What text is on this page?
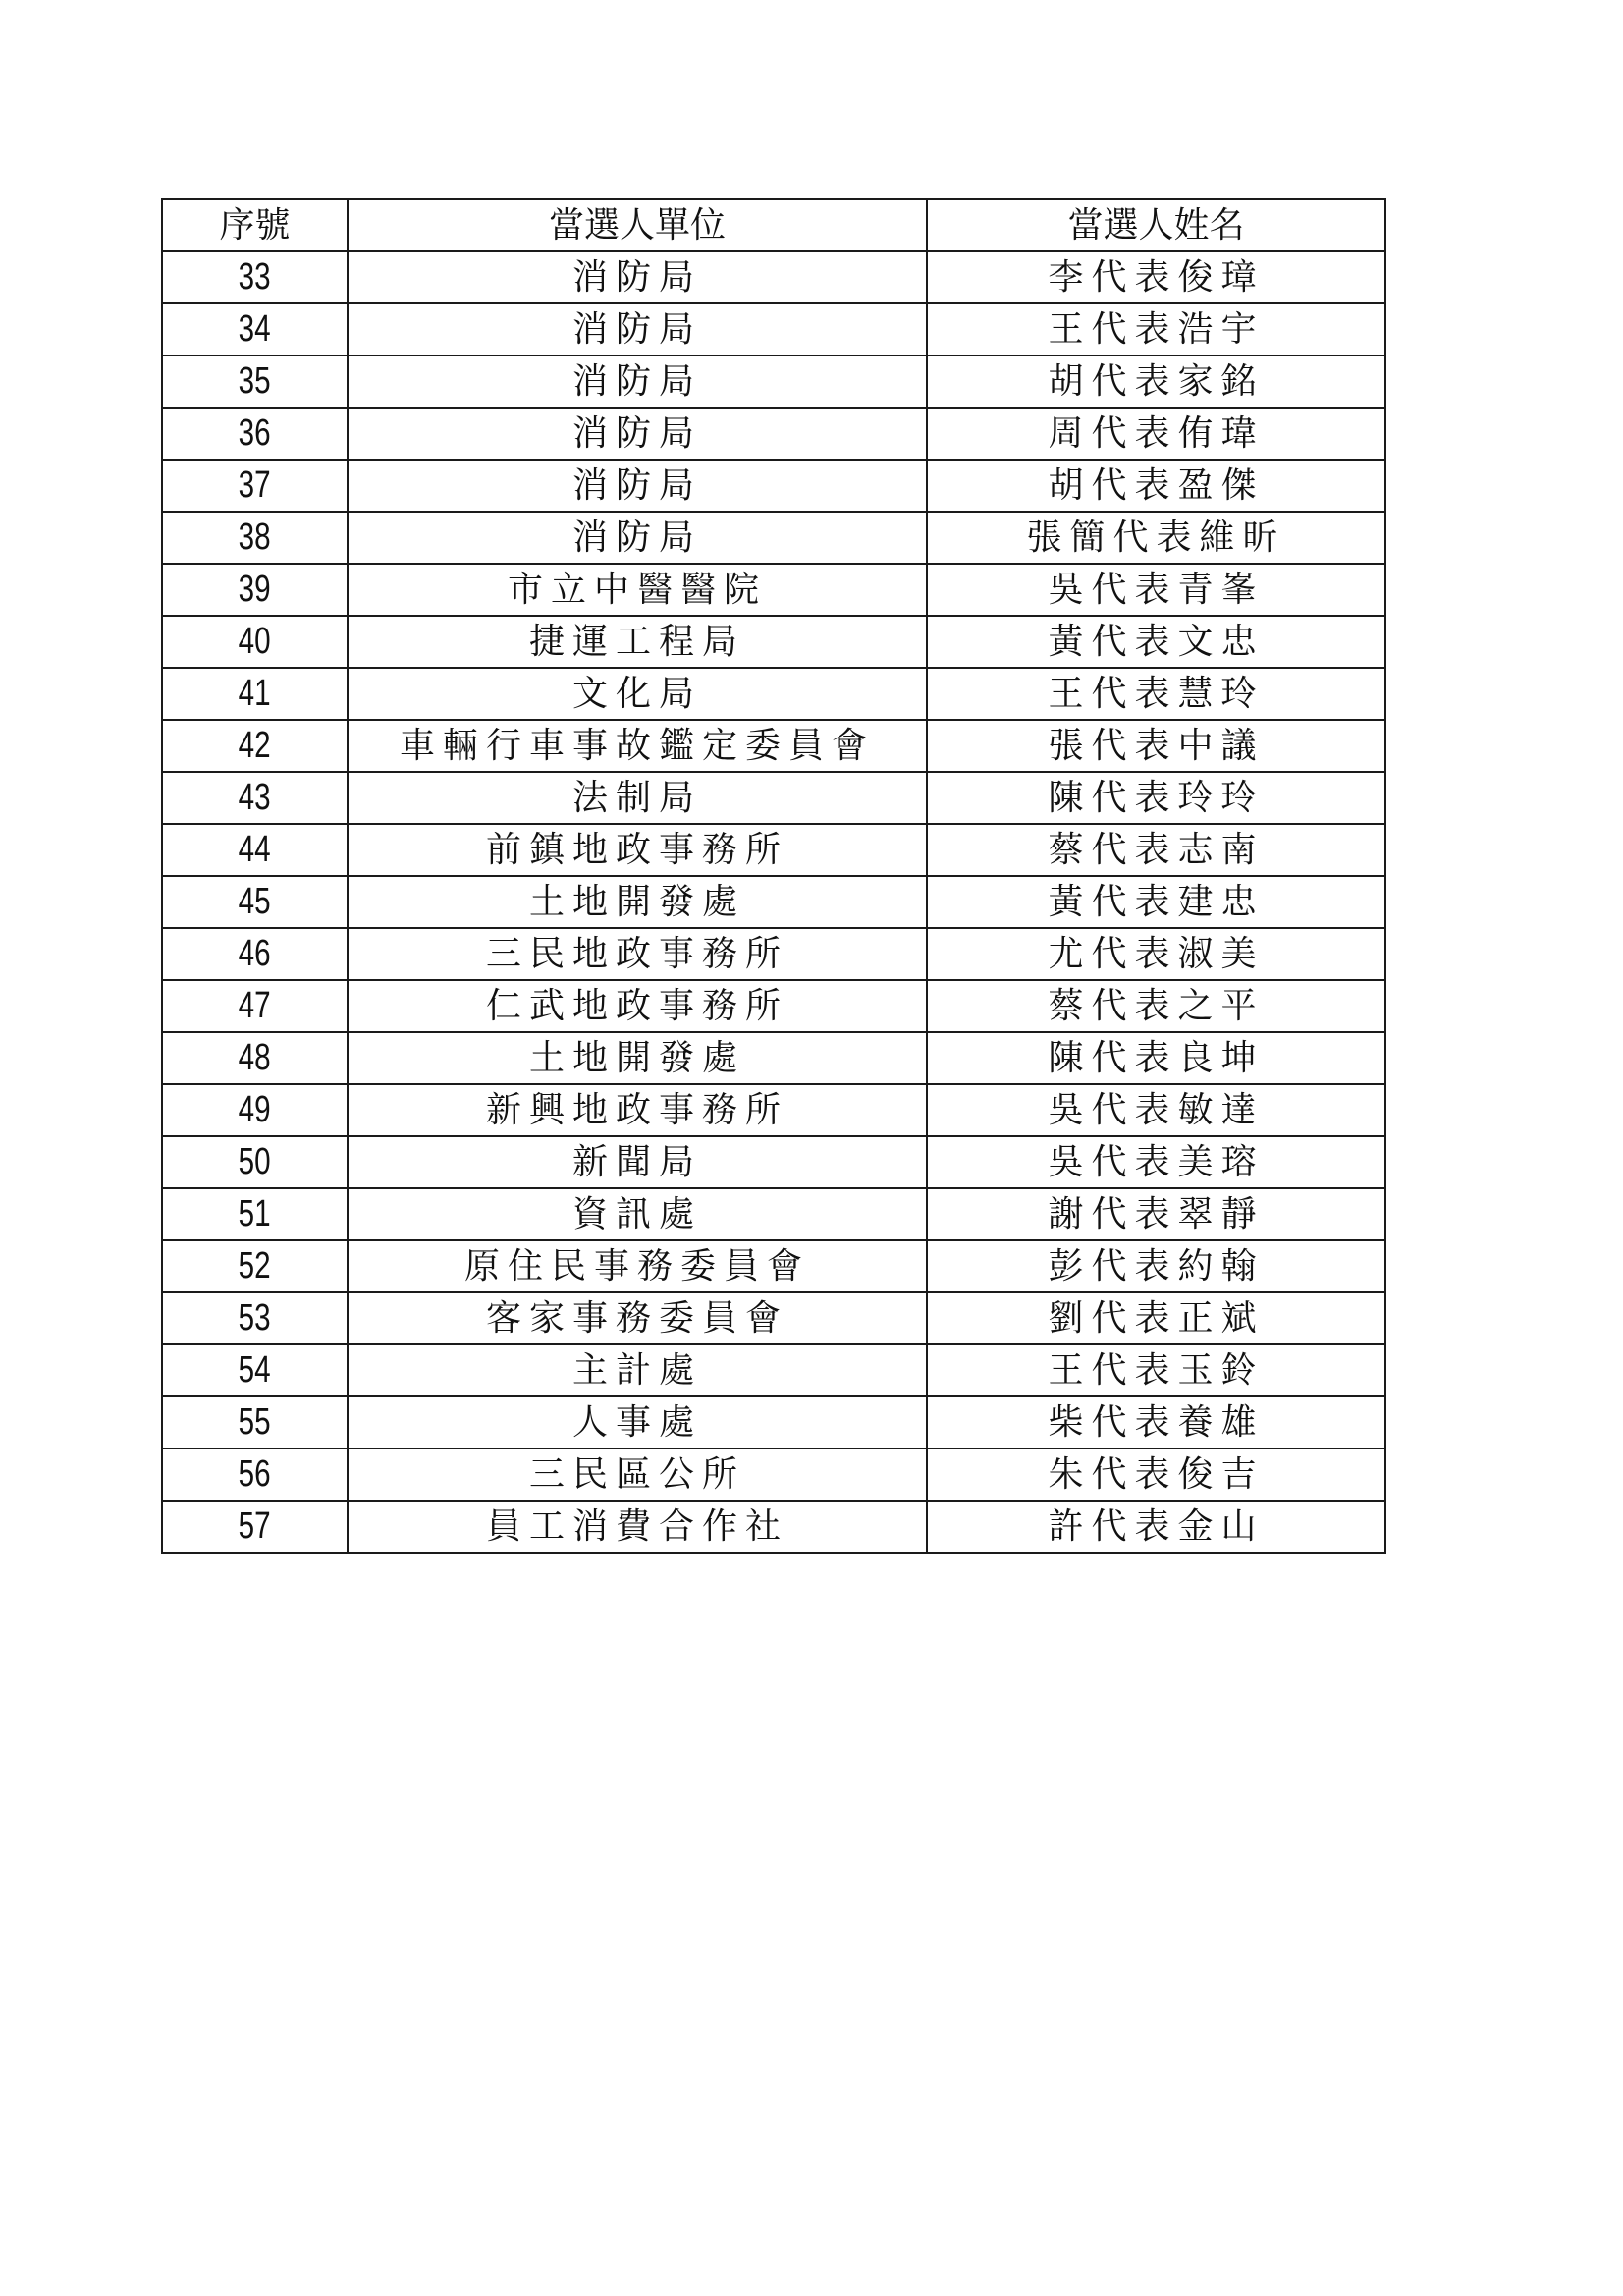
序號	當選人單位	當選人姓名
33	消防局	李代表俊璋
34	消防局	王代表浩宇
35	消防局	胡代表家銘
36	消防局	周代表侑瑋
37	消防局	胡代表盈傑
38	消防局	張簡代表維昕
39	市立中醫醫院	吳代表青峯
40	捷運工程局	黃代表文忠
41	文化局	王代表慧玲
42	車輛行車事故鑑定委員會	張代表中議
43	法制局	陳代表玲玲
44	前鎮地政事務所	蔡代表志南
45	土地開發處	黃代表建忠
46	三民地政事務所	尤代表淑美
47	仁武地政事務所	蔡代表之平
48	土地開發處	陳代表良坤
49	新興地政事務所	吳代表敏達
50	新聞局	吳代表美瑢
51	資訊處	謝代表翠靜
52	原住民事務委員會	彭代表約翰
53	客家事務委員會	劉代表正斌
54	主計處	王代表玉鈴
55	人事處	柴代表養雄
56	三民區公所	朱代表俊吉
57	員工消費合作社	許代表金山
